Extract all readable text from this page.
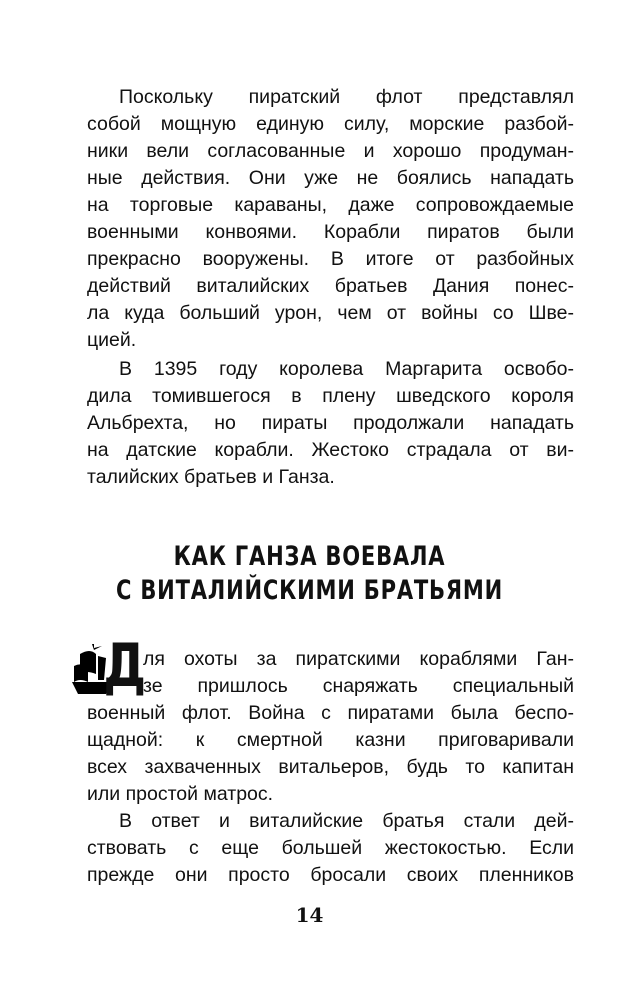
Поскольку пиратский флот представлял
собой мощную единую силу, морские разбой-
ники вели согласованные и хорошо продуман-
ные действия. Они уже не боялись нападать
на торговые караваны, даже сопровождаемые
военными конвоями. Корабли пиратов были
прекрасно вооружены. В итоге от разбойных
действий виталийских братьев Дания понес-
ла куда больший урон, чем от войны со Шве-
цией.
В 1395 году королева Маргарита освобо-
дила томившегося в плену шведского короля
Альбрехта, но пираты продолжали нападать
на датские корабли. Жестоко страдала от ви-
талийских братьев и Ганза.
КАК ГАНЗА ВОЕВАЛА
С ВИТАЛИЙСКИМИ БРАТЬЯМИ
Д
ля охоты за пиратскими кораблями Ган-
зе пришлось снаряжать специальный
военный флот. Война с пиратами была беспо-
щадной: к смертной казни приговаривали
всех захваченных витальеров, будь то капитан
или простой матрос.
В ответ и виталийские братья стали дей-
ствовать с еще большей жестокостью. Если
прежде они просто бросали своих пленников
14
